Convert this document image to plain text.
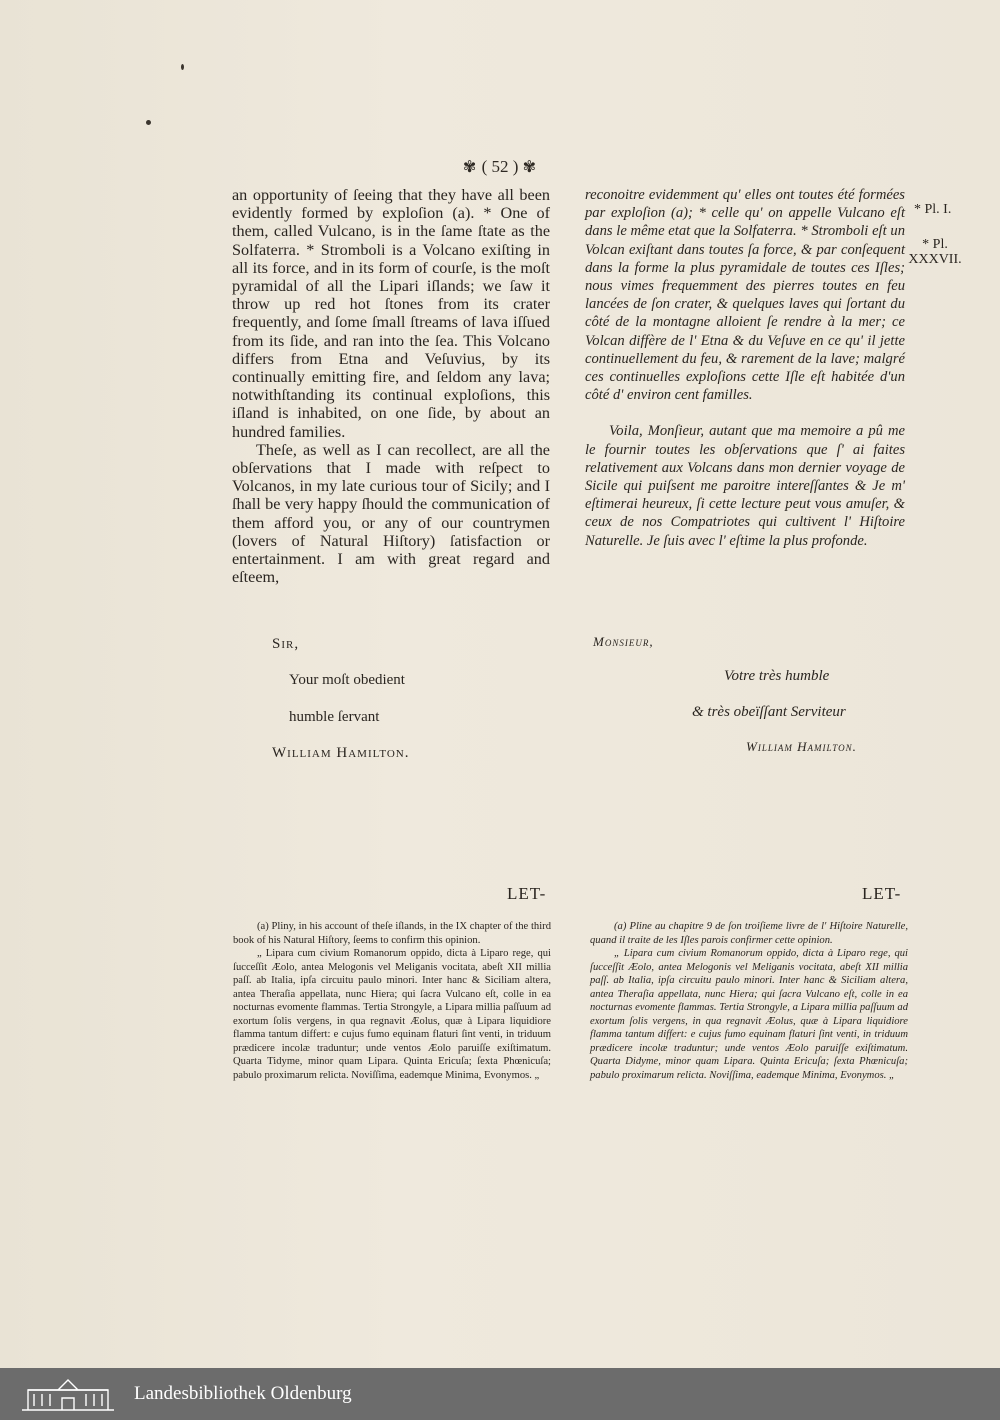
✾ ( 52 ) ✾

an opportunity of ſeeing that they have all been evidently formed by exploſion (a). * One of them, called Vulcano, is in the ſame ſtate as the Solfaterra. * Stromboli is a Volcano exiſting in all its force, and in its form of courſe, is the moſt pyramidal of all the Lipari iſlands; we ſaw it throw up red hot ſtones from its crater frequently, and ſome ſmall ſtreams of lava iſſued from its ſide, and ran into the ſea. This Volcano differs from Etna and Veſuvius, by its continually emitting fire, and ſeldom any lava; notwithſtanding its continual exploſions, this iſland is inhabited, on one ſide, by about an hundred families.

Theſe, as well as I can recollect, are all the obſervations that I made with reſpect to Volcanos, in my late curious tour of Sicily; and I ſhall be very happy ſhould the communication of them afford you, or any of our countrymen (lovers of Natural Hiſtory) ſatisfaction or entertainment. I am with great regard and eſteem,

Sir,
Your moſt obedient
humble ſervant
William Hamilton.

reconoitre evidemment qu' elles ont toutes été formées par exploſion (a); * celle qu' on appelle Vulcano eſt dans le même etat que la Solfaterra. * Stromboli eſt un Volcan exiſtant dans toutes ſa force, & par conſequent dans la forme la plus pyramidale de toutes ces Iſles; nous vimes frequemment des pierres toutes en feu lancées de ſon crater, & quelques laves qui ſortant du côté de la montagne alloient ſe rendre à la mer; ce Volcan diffère de l' Etna & du Veſuve en ce qu' il jette continuellement du feu, & rarement de la lave; malgré ces continuelles exploſions cette Iſle eſt habitée d'un côté d' environ cent familles.

Voila, Monſieur, autant que ma memoire a pû me le fournir toutes les obſervations que ſ' ai faites relativement aux Volcans dans mon dernier voyage de Sicile qui puiſsent me paroitre intereſſantes & Je m' eſtimerai heureux, ſi cette lecture peut vous amuſer, & ceux de nos Compatriotes qui cultivent l' Hiſtoire Naturelle. Je ſuis avec l' eſtime la plus profonde.

Monsieur,
Votre très humble
& très obeïſſant Serviteur
William Hamilton.
* Pl. I.
* Pl. XXXVII.
LET-	LET-

(a) Pliny, in his account of theſe iſlands, in the IX chapter of the third book of his Natural Hiſtory, ſeems to confirm this opinion.

„ Lipara cum civium Romanorum oppido, dicta à Liparo rege, qui ſucceſſit Æolo, antea Melogonis vel Meliganis vocitata, abeſt XII millia paſſ. ab Italia, ipſa circuitu paulo minori. Inter hanc & Siciliam altera, antea Theraſia appellata, nunc Hiera; qui ſacra Vulcano eſt, colle in ea nocturnas evomente flammas. Tertia Strongyle, a Lipara millia paſſuum ad exortum ſolis vergens, in qua regnavit Æolus, quæ à Lipara liquidiore flamma tantum differt: e cujus fumo equinam flaturi ſint venti, in triduum prædicere incolæ traduntur; unde ventos Æolo paruiſſe exiſtimatum. Quarta Tidyme, minor quam Lipara. Quinta Ericuſa; ſexta Phœnicuſa; pabulo proximarum relicta. Noviſſima, eademque Minima, Evonymos. „

(a) Pline au chapitre 9 de ſon troiſieme livre de l' Hiſtoire Naturelle, quand il traite de les Iſles parois confirmer cette opinion.

„ Lipara cum civium Romanorum oppido, dicta à Liparo rege, qui ſucceſſit Æolo, antea Melogonis vel Meliganis vocitata, abeſt XII millia paſſ. ab Italia, ipſa circuitu paulo minori. Inter hanc & Siciliam altera, antea Theraſia appellata, nunc Hiera; qui ſacra Vulcano eſt, colle in ea nocturnas evomente flammas. Tertia Strongyle, a Lipara millia paſſuum ad exortum ſolis vergens, in qua regnavit Æolus, quæ à Lipara liquidiore flamma tantum differt: e cujus fumo equinam flaturi ſint venti, in triduum prædicere incolæ traduntur; unde ventos Æolo paruiſſe exiſtimatum. Quarta Didyme, minor quam Lipara. Quinta Ericuſa; ſexta Phœnicuſa; pabulo proximarum relicta. Noviſſima, eademque Minima, Evonymos. „

Landesbibliothek Oldenburg
